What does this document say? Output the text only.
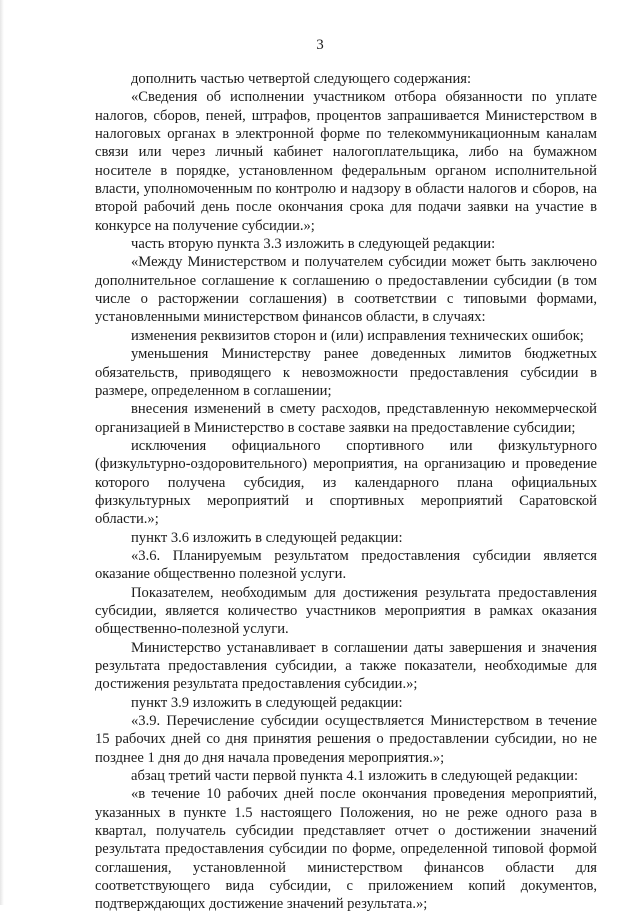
3

дополнить частью четвертой следующего содержания:

«Сведения об исполнении участником отбора обязанности по уплате налогов, сборов, пеней, штрафов, процентов запрашивается Министерством в налоговых органах в электронной форме по телекоммуникационным каналам связи или через личный кабинет налогоплательщика, либо на бумажном носителе в порядке, установленном федеральным органом исполнительной власти, уполномоченным по контролю и надзору в области налогов и сборов, на второй рабочий день после окончания срока для подачи заявки на участие в конкурсе на получение субсидии.»;

часть вторую пункта 3.3 изложить в следующей редакции:

«Между Министерством и получателем субсидии может быть заключено дополнительное соглашение к соглашению о предоставлении субсидии (в том числе о расторжении соглашения) в соответствии с типовыми формами, установленными министерством финансов области, в случаях:

изменения реквизитов сторон и (или) исправления технических ошибок;

уменьшения Министерству ранее доведенных лимитов бюджетных обязательств, приводящего к невозможности предоставления субсидии в размере, определенном в соглашении;

внесения изменений в смету расходов, представленную некоммерческой организацией в Министерство в составе заявки на предоставление субсидии;

исключения официального спортивного или физкультурного (физкультурно-оздоровительного) мероприятия, на организацию и проведение которого получена субсидия, из календарного плана официальных физкультурных мероприятий и спортивных мероприятий Саратовской области.»;

пункт 3.6 изложить в следующей редакции:

«3.6. Планируемым результатом предоставления субсидии является оказание общественно полезной услуги.

Показателем, необходимым для достижения результата предоставления субсидии, является количество участников мероприятия в рамках оказания общественно-полезной услуги.

Министерство устанавливает в соглашении даты завершения и значения результата предоставления субсидии, а также показатели, необходимые для достижения результата предоставления субсидии.»;

пункт 3.9 изложить в следующей редакции:

«3.9. Перечисление субсидии осуществляется Министерством в течение 15 рабочих дней со дня принятия решения о предоставлении субсидии, но не позднее 1 дня до дня начала проведения мероприятия.»;

абзац третий части первой пункта 4.1 изложить в следующей редакции:

«в течение 10 рабочих дней после окончания проведения мероприятий, указанных в пункте 1.5 настоящего Положения, но не реже одного раза в квартал, получатель субсидии представляет отчет о достижении значений результата предоставления субсидии по форме, определенной типовой формой соглашения, установленной министерством финансов области для соответствующего вида субсидии, с приложением копий документов, подтверждающих достижение значений результата.»;
